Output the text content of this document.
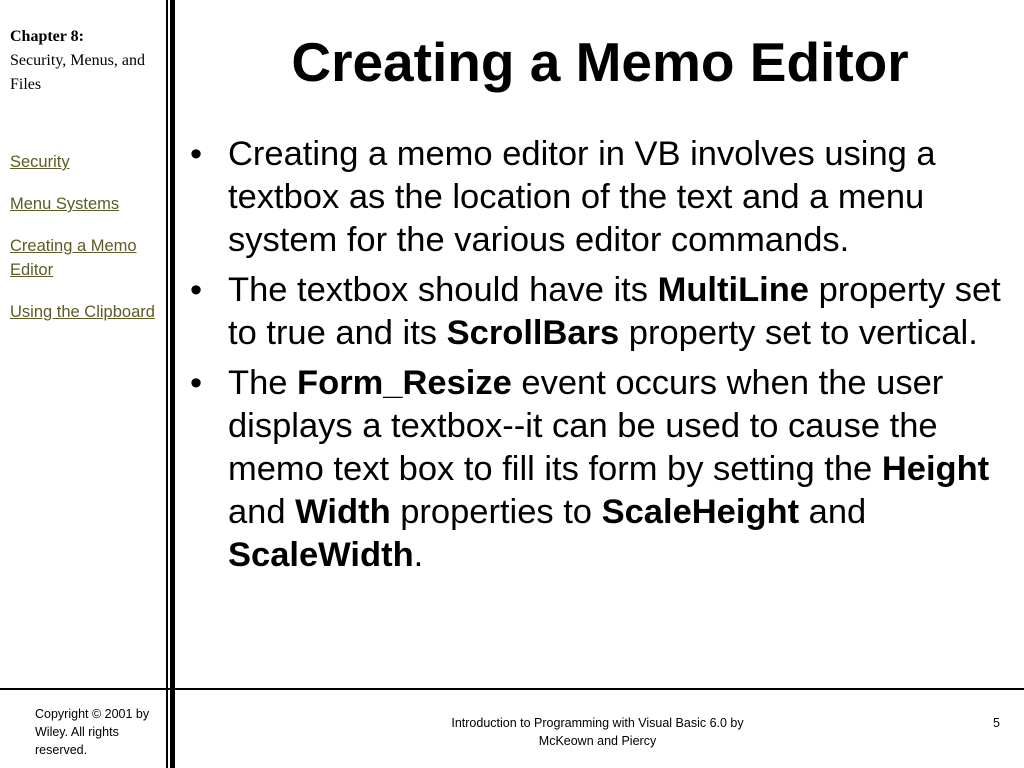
Chapter 8:
Security, Menus, and Files
Security
Menu Systems
Creating a Memo Editor
Using the Clipboard
Creating a Memo Editor
• Creating a memo editor in VB involves using a textbox as the location of the text and a menu system for the various editor commands.
• The textbox should have its MultiLine property set to true and its ScrollBars property set to vertical.
• The Form_Resize event occurs when the user displays a textbox--it can be used to cause the memo text box to fill its form by setting the Height and Width properties to ScaleHeight and ScaleWidth.
Copyright © 2001 by Wiley. All rights reserved.
Introduction to Programming with Visual Basic 6.0 by McKeown and Piercy
5
